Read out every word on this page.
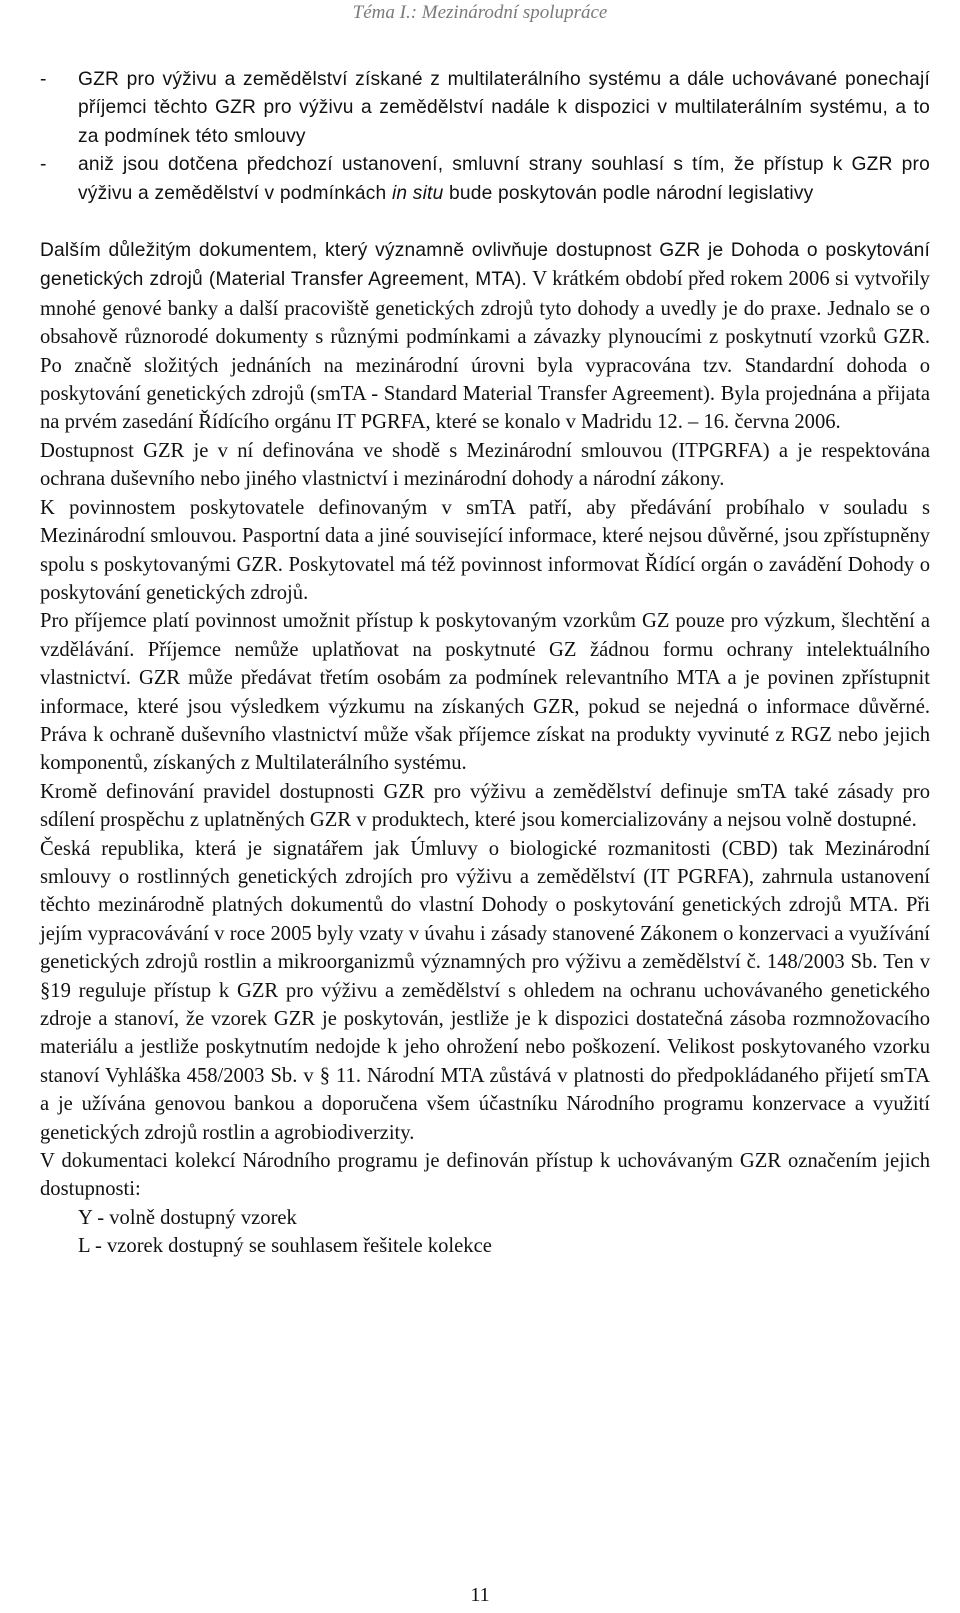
Téma I.: Mezinárodní spolupráce
- GZR pro výživu a zemědělství získané z multilaterálního systému a dále uchovávané ponechají příjemci těchto GZR pro výživu a zemědělství nadále k dispozici v multilaterálním systému, a to za podmínek této smlouvy
- aniž jsou dotčena předchozí ustanovení, smluvní strany souhlasí s tím, že přístup k GZR pro výživu a zemědělství v podmínkách in situ bude poskytován podle národní legislativy

Dalším důležitým dokumentem, který významně ovlivňuje dostupnost GZR je Dohoda o poskytování genetických zdrojů (Material Transfer Agreement, MTA). V krátkém období před rokem 2006 si vytvořily mnohé genové banky a další pracoviště genetických zdrojů tyto dohody a uvedly je do praxe. Jednalo se o obsahově různorodé dokumenty s různými podmínkami a závazky plynoucími z poskytnutí vzorků GZR. Po značně složitých jednáních na mezinárodní úrovni byla vypracována tzv. Standardní dohoda o poskytování genetických zdrojů (smTA - Standard Material Transfer Agreement). Byla projednána a přijata na prvém zasedání Řídícího orgánu IT PGRFA, které se konalo v Madridu 12. – 16. června 2006.

Dostupnost GZR je v ní definována ve shodě s Mezinárodní smlouvou (ITPGRFA) a je respektována ochrana duševního nebo jiného vlastnictví i mezinárodní dohody a národní zákony.

K povinnostem poskytovatele definovaným v smTA patří, aby předávání probíhalo v souladu s Mezinárodní smlouvou. Pasportní data a jiné související informace, které nejsou důvěrné, jsou zpřístupněny spolu s poskytovanými GZR. Poskytovatel má též povinnost informovat Řídící orgán o zavádění Dohody o poskytování genetických zdrojů.

Pro příjemce platí povinnost umožnit přístup k poskytovaným vzorkům GZ pouze pro výzkum, šlechtění a vzdělávání. Příjemce nemůže uplatňovat na poskytnuté GZ žádnou formu ochrany intelektuálního vlastnictví. GZR může předávat třetím osobám za podmínek relevantního MTA a je povinen zpřístupnit informace, které jsou výsledkem výzkumu na získaných GZR, pokud se nejedná o informace důvěrné. Práva k ochraně duševního vlastnictví může však příjemce získat na produkty vyvinuté z RGZ nebo jejich komponentů, získaných z Multilaterálního systému.

Kromě definování pravidel dostupnosti GZR pro výživu a zemědělství definuje smTA také zásady pro sdílení prospěchu z uplatněných GZR v produktech, které jsou komercializovány a nejsou volně dostupné.

Česká republika, která je signatářem jak Úmluvy o biologické rozmanitosti (CBD) tak Mezinárodní smlouvy o rostlinných genetických zdrojích pro výživu a zemědělství (IT PGRFA), zahrnula ustanovení těchto mezinárodně platných dokumentů do vlastní Dohody o poskytování genetických zdrojů MTA. Při jejím vypracovávání v roce 2005 byly vzaty v úvahu i zásady stanovené Zákonem o konzervaci a využívání genetických zdrojů rostlin a mikroorganizmů významných pro výživu a zemědělství č. 148/2003 Sb. Ten v §19 reguluje přístup k GZR pro výživu a zemědělství s ohledem na ochranu uchovávaného genetického zdroje a stanoví, že vzorek GZR je poskytován, jestliže je k dispozici dostatečná zásoba rozmnožovacího materiálu a jestliže poskytnutím nedojde k jeho ohrožení nebo poškození. Velikost poskytovaného vzorku stanoví Vyhláška 458/2003 Sb. v § 11. Národní MTA zůstává v platnosti do předpokládaného přijetí smTA a je užívána genovou bankou a doporučena všem účastníku Národního programu konzervace a využití genetických zdrojů rostlin a agrobiodiverzity.

V dokumentaci kolekcí Národního programu je definován přístup k uchovávaným GZR označením jejich dostupnosti:

Y - volně dostupný vzorek
L - vzorek dostupný se souhlasem řešitele kolekce
11
